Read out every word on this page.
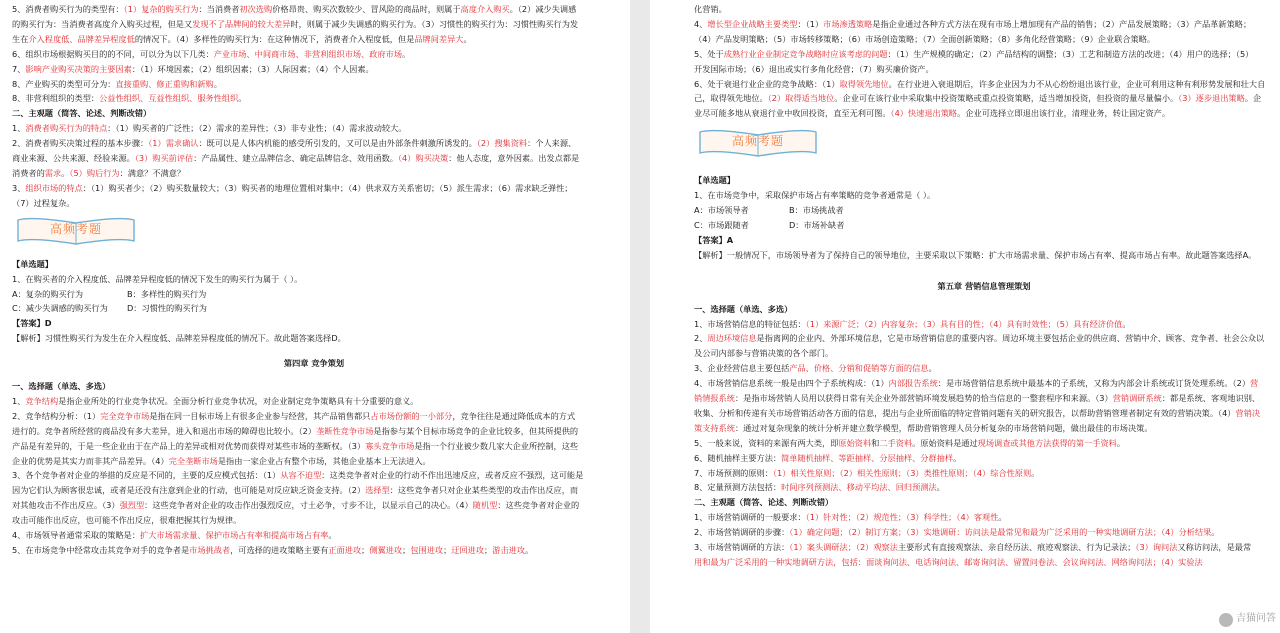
5、消费者购买行为的类型有：（1）复杂的购买行为：当消费者初次选购价格昂贵、购买次数较少、冒风险的商品时，则属于高度介入购买。（2）减少失调感

的购买行为：当消费者高度介入购买过程，但是又发现不了品牌间的较大差异时，则属于减少失调感的购买行为。（3）习惯性的购买行为：习惯性购买行为发

生在介入程度低、品牌差异程度低的情况下。（4）多样性的购买行为：在这种情况下，消费者介入程度低，但是品牌间差异大。

6、组织市场根据购买目的的不同，可以分为以下几类：产业市场、中间商市场、非营利组织市场、政府市场。

7、影响产业购买决策的主要因素：（1）环境因素；（2）组织因素；（3）人际因素；（4）个人因素。

8、产业购买的类型可分为：直接重购、修正重购和新购。

8、非营利组织的类型：公益性组织、互益性组织、服务性组织。

二、主观题（简答、论述、判断改错）

1、消费者购买行为的特点：（1）购买者的广泛性；（2）需求的差异性；（3）非专业性；（4）需求波动较大。

2、消费者购买决策过程的基本步骤：（1）需求确认：既可以是人体内机能的感受所引发的，又可以是由外部条件刺激所诱发的。（2）搜集资料：个人来源、

商业来源、公共来源、经验来源。（3）购买前评估：产品属性、建立品牌信念、确定品牌信念、效用函数。（4）购买决策：他人态度，意外因素。出发点都是

消费者的需求。（5）购后行为：满意？不满意？

3、组织市场的特点：（1）购买者少；（2）购买数量较大；（3）购买者的地理位置相对集中；（4）供求双方关系密切；（5）派生需求；（6）需求缺乏弹性；

（7）过程复杂。

高频考题

【单选题】

1、在购买者的介入程度低、品牌差异程度低的情况下发生的购买行为属于（ ）。

A：复杂的购买行为	B：多样性的购买行为
C：减少失调感的购买行为	D：习惯性的购买行为

【答案】D

【解析】习惯性购买行为发生在介入程度低、品牌差异程度低的情况下。故此题答案选择D。

第四章 竞争策划

一、选择题（单选、多选）

1、竞争结构是指企业所处的行业竞争状况。全面分析行业竞争状况，对企业制定竞争策略具有十分重要的意义。

2、竞争结构分析：（1）完全竞争市场是指在同一目标市场上有很多企业参与经营，其产品销售都只占市场份额的一小部分，竞争往往是通过降低成本的方式

进行的。竞争者所经营的商品没有多大差异，进入和退出市场的障碍也比较小。（2）垄断性竞争市场是指参与某个目标市场竞争的企业比较多，但其所提供的

产品是有差异的，于是一些企业由于在产品上的差异或相对优势而获得对某些市场的垄断权。（3）寡头竞争市场是指一个行业被少数几家大企业所控制，这些

企业的优势是其实力而非其产品差异。（4）完全垄断市场是指由一家企业占有整个市场，其他企业基本上无法进入。

3、各个竞争者对企业的举措的反应是不同的，主要的反应模式包括：（1）从容不迫型：这类竞争者对企业的行动不作出迅速反应，或者反应不强烈，这可能是

因为它们认为顾客很忠诚，或者是还没有注意到企业的行动，也可能是对反应缺乏资金支持。（2）选择型：这些竞争者只对企业某些类型的攻击作出反应，而

对其他攻击不作出反应。（3）强烈型：这些竞争者对企业的攻击作出强烈反应，寸土必争，寸步不让，以显示自己的决心。（4）随机型：这些竞争者对企业的

攻击可能作出反应，也可能不作出反应，很难把握其行为规律。

4、市场领导者通常采取的策略是：扩大市场需求量、保护市场占有率和提高市场占有率。

5、在市场竞争中经常攻击其竞争对手的竞争者是市场挑战者，可选择的进攻策略主要有正面进攻；侧翼进攻；包围进攻；迂回进攻；游击进攻。

化营销。

4、增长型企业战略主要类型：（1）市场渗透策略是指企业通过各种方式方法在现有市场上增加现有产品的销售；（2）产品发展策略；（3）产品革新策略；

（4）产品发明策略；（5）市场转移策略；（6）市场创造策略；（7）全面创新策略；（8）多角化经营策略；（9）企业联合策略。

5、处于成熟行业企业制定竞争战略时应该考虑的问题：（1）生产规模的确定；（2）产品结构的调整；（3）工艺和制造方法的改进；（4）用户的选择；（5）

开发国际市场；（6）退出或实行多角化经营；（7）购买廉价资产。

6、处于衰退行业企业的竞争战略：（1）取得领先地位。在行业进入衰退期后，许多企业因为力不从心纷纷退出该行业，企业可利用这种有利形势发展和壮大自

己，取得领先地位。（2）取得适当地位。企业可在该行业中采取集中投资策略或重点投资策略，适当增加投资，但投资的量尽量偏小。（3）逐步退出策略。企

业尽可能多地从衰退行业中收回投资，直至无利可图。（4）快速退出策略。企业可选择立即退出该行业，清理业务，转让固定资产。

高频考题

【单选题】

1、在市场竞争中，采取保护市场占有率策略的竞争者通常是（ ）。

A：市场领导者	B：市场挑战者
C：市场跟随者	D：市场补缺者

【答案】A

【解析】一般情况下，市场领导者为了保持自己的领导地位，主要采取以下策略：扩大市场需求量、保护市场占有率、提高市场占有率。故此题答案选择A。

第五章 营销信息管理策划

一、选择题（单选、多选）

1、市场营销信息的特征包括：（1）来源广泛；（2）内容复杂；（3）具有目的性；（4）具有时效性；（5）具有经济价值。

2、周边环境信息是指离网的企业内、外部环境信息，它是市场营销信息的重要内容。周边环境主要包括企业的供应商、营销中介、顾客、竞争者、社会公众以

及公司内部参与营销决策的各个部门。

3、企业经营信息主要包括产品、价格、分销和促销等方面的信息。

4、市场营销信息系统一般是由四个子系统构成：（1）内部报告系统：是市场营销信息系统中最基本的子系统，又称为内部会计系统或订货处理系统。（2）营

销情报系统：是指市场营销人员用以获得日常有关企业外部营销环境发展趋势的恰当信息的一整套程序和来源。（3）营销调研系统：都是系统、客观地识别、

收集、分析和传递有关市场营销活动各方面的信息，提出与企业所面临的特定营销问题有关的研究报告，以帮助营销管理者制定有效的营销决策。（4）营销决

策支持系统：通过对复杂现象的统计分析并建立数学模型，帮助营销管理人员分析复杂的市场营销问题，做出最佳的市场决策。

5、一般来说，资料的来源有两大类，即原始资料和二手资料。原始资料是通过现场调查或其他方法获得的第一手资料。

6、随机抽样主要方法：简单随机抽样、等距抽样、分层抽样、分群抽样。

7、市场预测的原则：（1）相关性原则；（2）相关性原则；（3）类推性原则；（4）综合性原则。

8、定量预测方法包括：时间序列预测法、移动平均法、回归预测法。

二、主观题（简答、论述、判断改错）

1、市场营销调研的一般要求：（1）针对性；（2）规范性；（3）科学性；（4）客观性。

2、市场营销调研的步骤：（1）确定问题；（2）制订方案；（3）实地调研：访问法是最常见和最为广泛采用的一种实地调研方法；（4）分析结果。

3、市场营销调研的方法：（1）案头调研法；（2）观察法主要形式有直接观察法、亲自经历法、痕迹观察法、行为记录法；（3）询问法又称访问法，是最常

用和最为广泛采用的一种实地调研方法，包括：面谈询问法、电话询问法、邮寄询问法、留置问卷法、会议询问法、网络询问法；（4）实验法

吉猫问答
